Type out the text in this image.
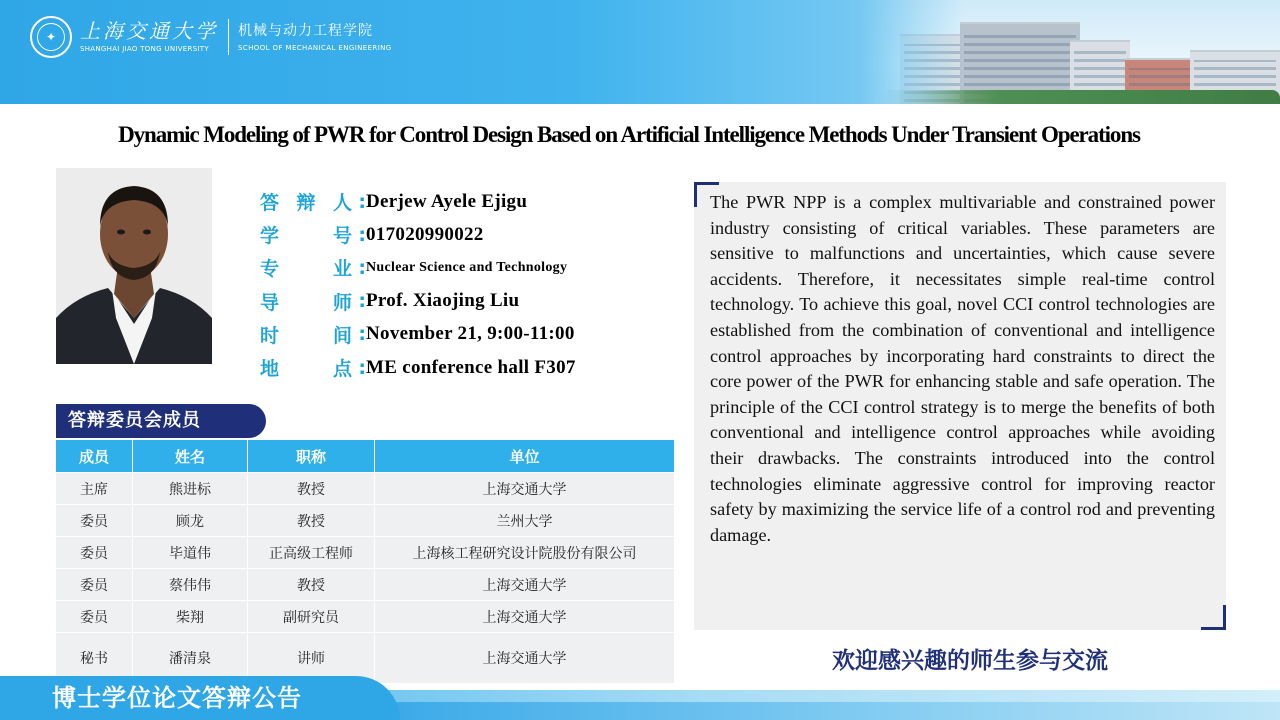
✦	上海交通大学
SHANGHAI JIAO TONG UNIVERSITY
机械与动力工程学院
SCHOOL OF MECHANICAL ENGINEERING
Dynamic Modeling of PWR for Control Design Based on Artificial Intelligence Methods Under Transient Operations
答 辩 人 : Derjew Ayele Ejigu
学	号 : 017020990022
专	业 : Nuclear Science and Technology
导	师 : Prof. Xiaojing Liu
时	间 : November 21, 9:00-11:00
地	点 : ME conference hall F307
答辩委员会成员
成员	姓名	职称	单位
主席	熊进标	教授	上海交通大学
委员	顾龙	教授	兰州大学
委员	毕道伟	正高级工程师	上海核工程研究设计院股份有限公司
委员	蔡伟伟	教授	上海交通大学
委员	柴翔	副研究员	上海交通大学
秘书	潘清泉	讲师	上海交通大学

The PWR NPP is a complex multivariable and constrained power industry consisting of critical variables. These parameters are sensitive to malfunctions and uncertainties, which cause severe accidents. Therefore, it necessitates simple real-time control technology. To achieve this goal, novel CCI control technologies are established from the combination of conventional and intelligence control approaches by incorporating hard constraints to direct the core power of the PWR for enhancing stable and safe operation. The principle of the CCI control strategy is to merge the benefits of both conventional and intelligence control approaches while avoiding their drawbacks. The constraints introduced into the control technologies eliminate aggressive control for improving reactor safety by maximizing the service life of a control rod and preventing damage.

欢迎感兴趣的师生参与交流
博士学位论文答辩公告
